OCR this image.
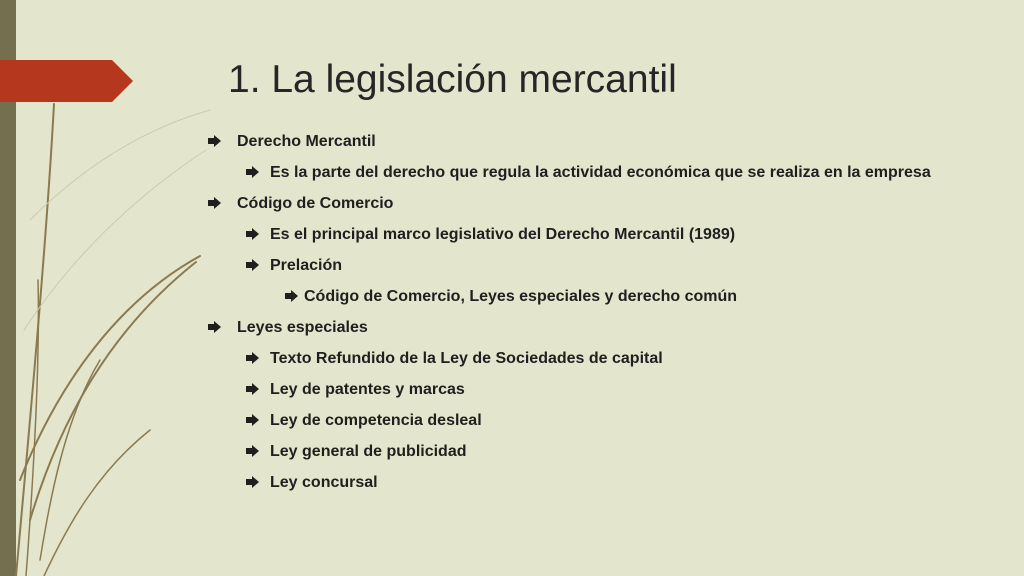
1. La legislación mercantil
Derecho Mercantil
Es la parte del derecho que regula la actividad económica que se realiza en la empresa
Código de Comercio
Es el principal marco legislativo del Derecho Mercantil (1989)
Prelación
Código de Comercio, Leyes especiales y derecho común
Leyes especiales
Texto Refundido de la Ley de Sociedades de capital
Ley de patentes y marcas
Ley de competencia desleal
Ley general de publicidad
Ley concursal
